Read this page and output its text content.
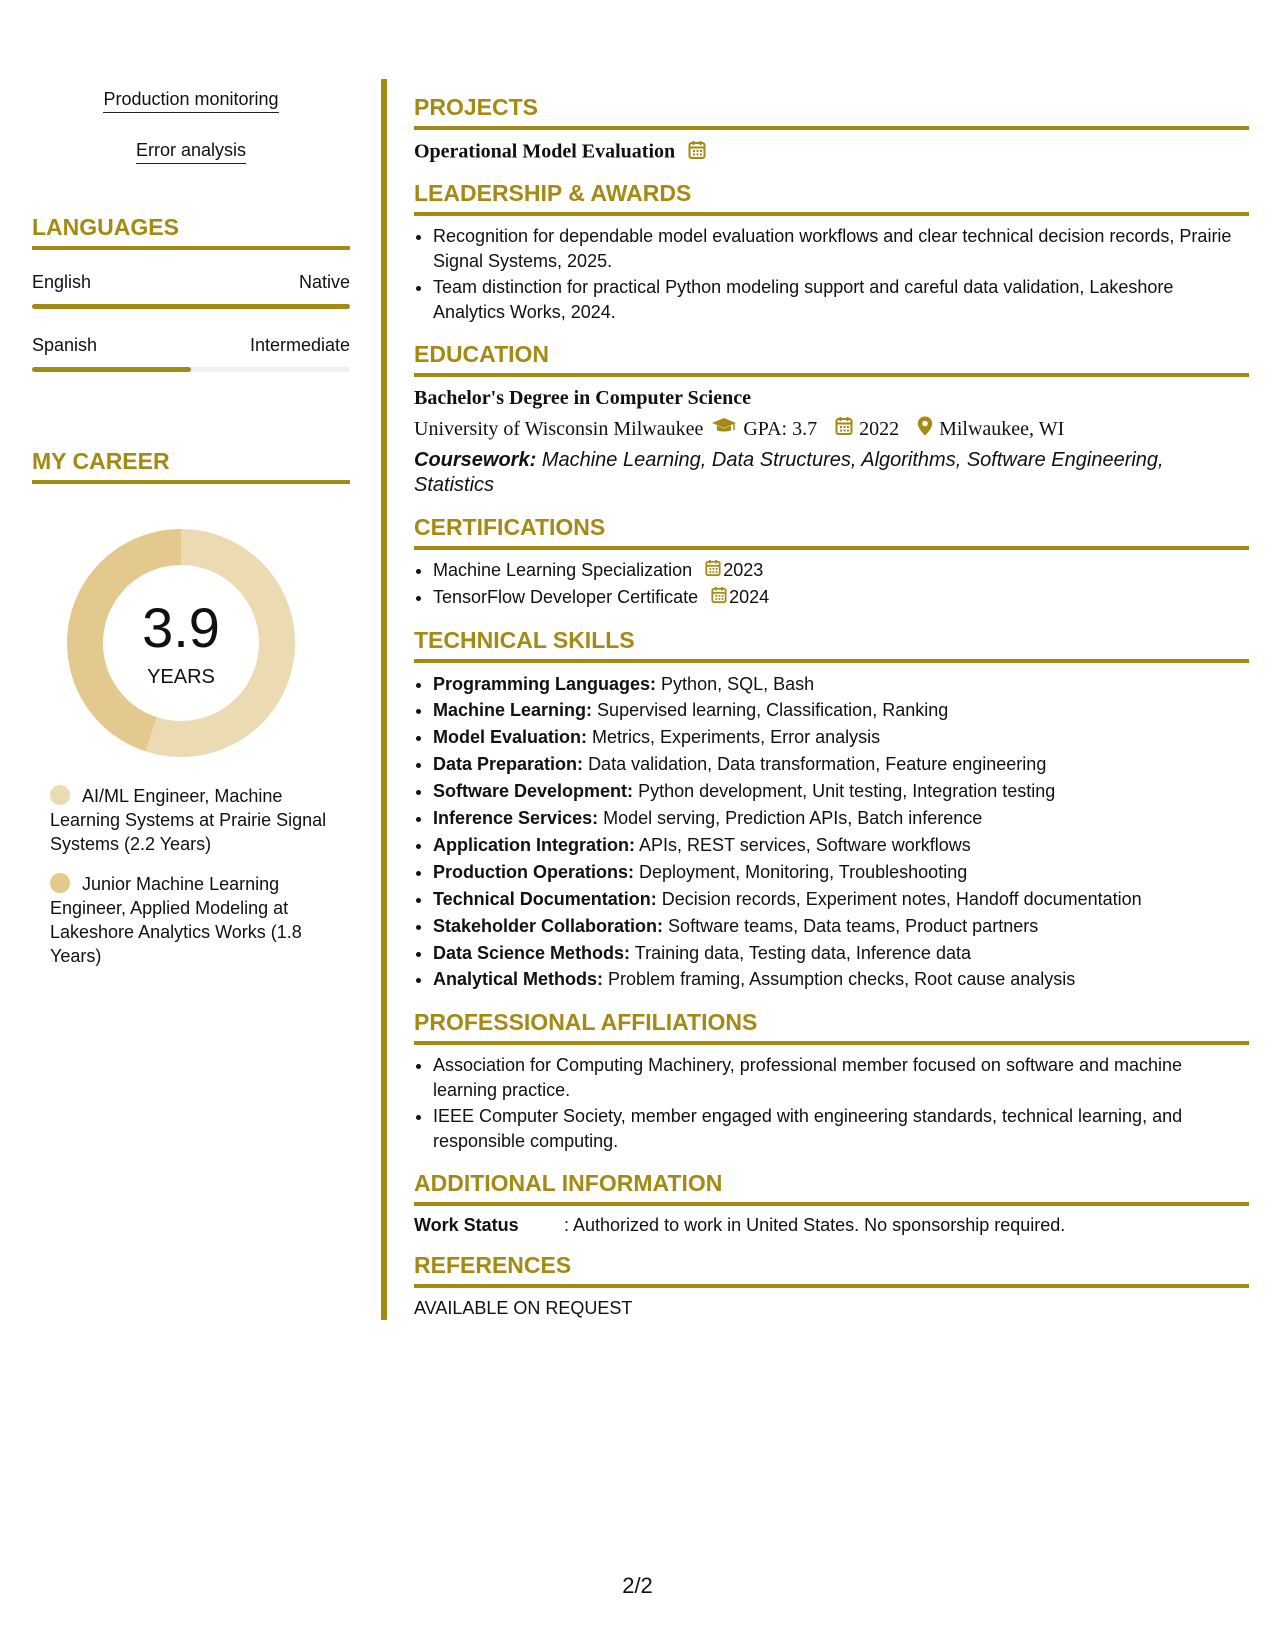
Production monitoring
Error analysis
LANGUAGES
English	Native
Spanish	Intermediate
MY CAREER
3.9
YEARS
AI/ML Engineer, Machine Learning Systems at Prairie Signal Systems (2.2 Years)
Junior Machine Learning Engineer, Applied Modeling at Lakeshore Analytics Works (1.8 Years)
PROJECTS
Operational Model Evaluation
LEADERSHIP & AWARDS
• Recognition for dependable model evaluation workflows and clear technical decision records, Prairie Signal Systems, 2025.
• Team distinction for practical Python modeling support and careful data validation, Lakeshore Analytics Works, 2024.
EDUCATION
Bachelor's Degree in Computer Science
University of Wisconsin Milwaukee GPA: 3.7 2022 Milwaukee, WI
Coursework: Machine Learning, Data Structures, Algorithms, Software Engineering, Statistics
CERTIFICATIONS
• Machine Learning Specialization 2023
• TensorFlow Developer Certificate 2024
TECHNICAL SKILLS
• Programming Languages: Python, SQL, Bash
• Machine Learning: Supervised learning, Classification, Ranking
• Model Evaluation: Metrics, Experiments, Error analysis
• Data Preparation: Data validation, Data transformation, Feature engineering
• Software Development: Python development, Unit testing, Integration testing
• Inference Services: Model serving, Prediction APIs, Batch inference
• Application Integration: APIs, REST services, Software workflows
• Production Operations: Deployment, Monitoring, Troubleshooting
• Technical Documentation: Decision records, Experiment notes, Handoff documentation
• Stakeholder Collaboration: Software teams, Data teams, Product partners
• Data Science Methods: Training data, Testing data, Inference data
• Analytical Methods: Problem framing, Assumption checks, Root cause analysis
PROFESSIONAL AFFILIATIONS
• Association for Computing Machinery, professional member focused on software and machine learning practice.
• IEEE Computer Society, member engaged with engineering standards, technical learning, and responsible computing.
ADDITIONAL INFORMATION
Work Status	: Authorized to work in United States. No sponsorship required.
REFERENCES
AVAILABLE ON REQUEST
2/2
